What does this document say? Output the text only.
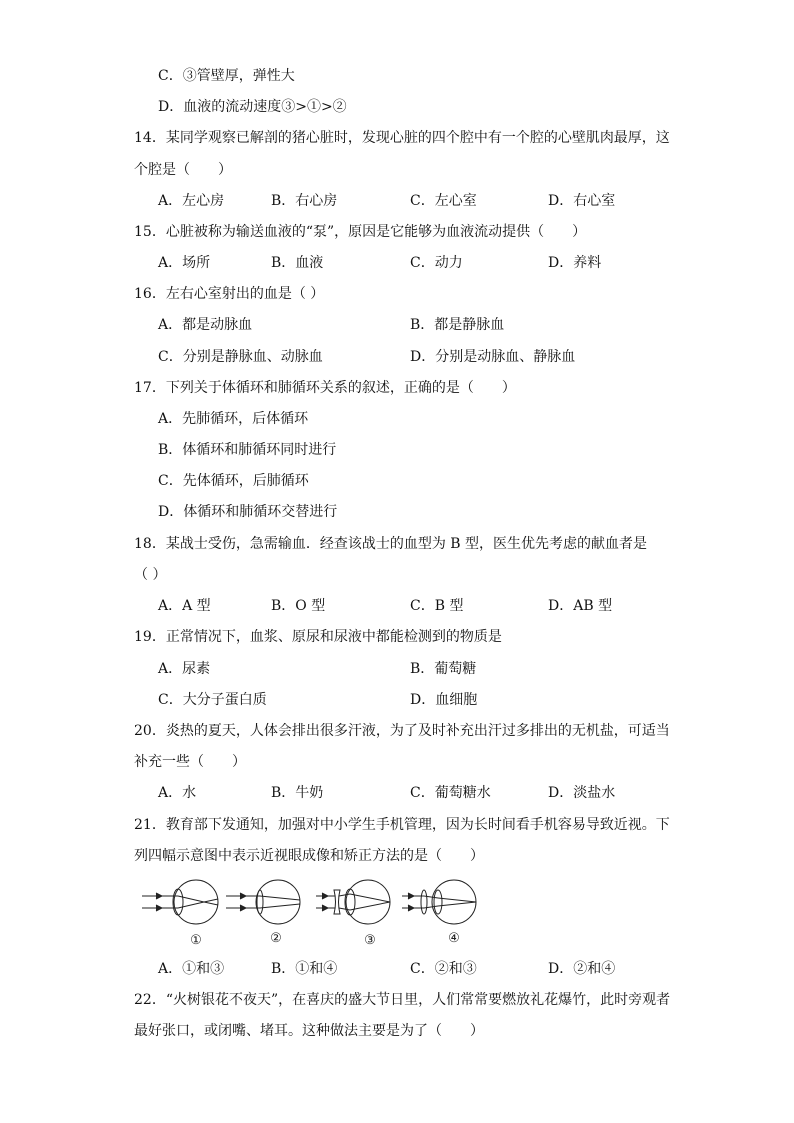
C．③管壁厚，弹性大
D．血液的流动速度③>①>②
14．某同学观察已解剖的猪心脏时，发现心脏的四个腔中有一个腔的心壁肌肉最厚，这
个腔是（　　）
A．左心房	B．右心房	C．左心室	D．右心室
15．心脏被称为输送血液的“泵”，原因是它能够为血液流动提供（　　）
A．场所	B．血液	C．动力	D．养料
16．左右心室射出的血是（ ）
A．都是动脉血	B．都是静脉血
C．分别是静脉血、动脉血	D．分别是动脉血、静脉血
17．下列关于体循环和肺循环关系的叙述，正确的是（　　）
A．先肺循环，后体循环
B．体循环和肺循环同时进行
C．先体循环，后肺循环
D．体循环和肺循环交替进行
18．某战士受伤，急需输血．经查该战士的血型为 B 型，医生优先考虑的献血者是
（ ）
A．A 型	B．O 型	C．B 型	D．AB 型
19．正常情况下，血浆、原尿和尿液中都能检测到的物质是
A．尿素	B．葡萄糖
C．大分子蛋白质	D．血细胞
20．炎热的夏天，人体会排出很多汗液，为了及时补充出汗过多排出的无机盐，可适当
补充一些（　　）
A．水	B．牛奶	C．葡萄糖水	D．淡盐水
21．教育部下发通知，加强对中小学生手机管理，因为长时间看手机容易导致近视。下
列四幅示意图中表示近视眼成像和矫正方法的是（　　）
①	②	③	④
A．①和③	B．①和④	C．②和③	D．②和④
22．“火树银花不夜天”，在喜庆的盛大节日里，人们常常要燃放礼花爆竹，此时旁观者
最好张口，或闭嘴、堵耳。这种做法主要是为了（　　）
